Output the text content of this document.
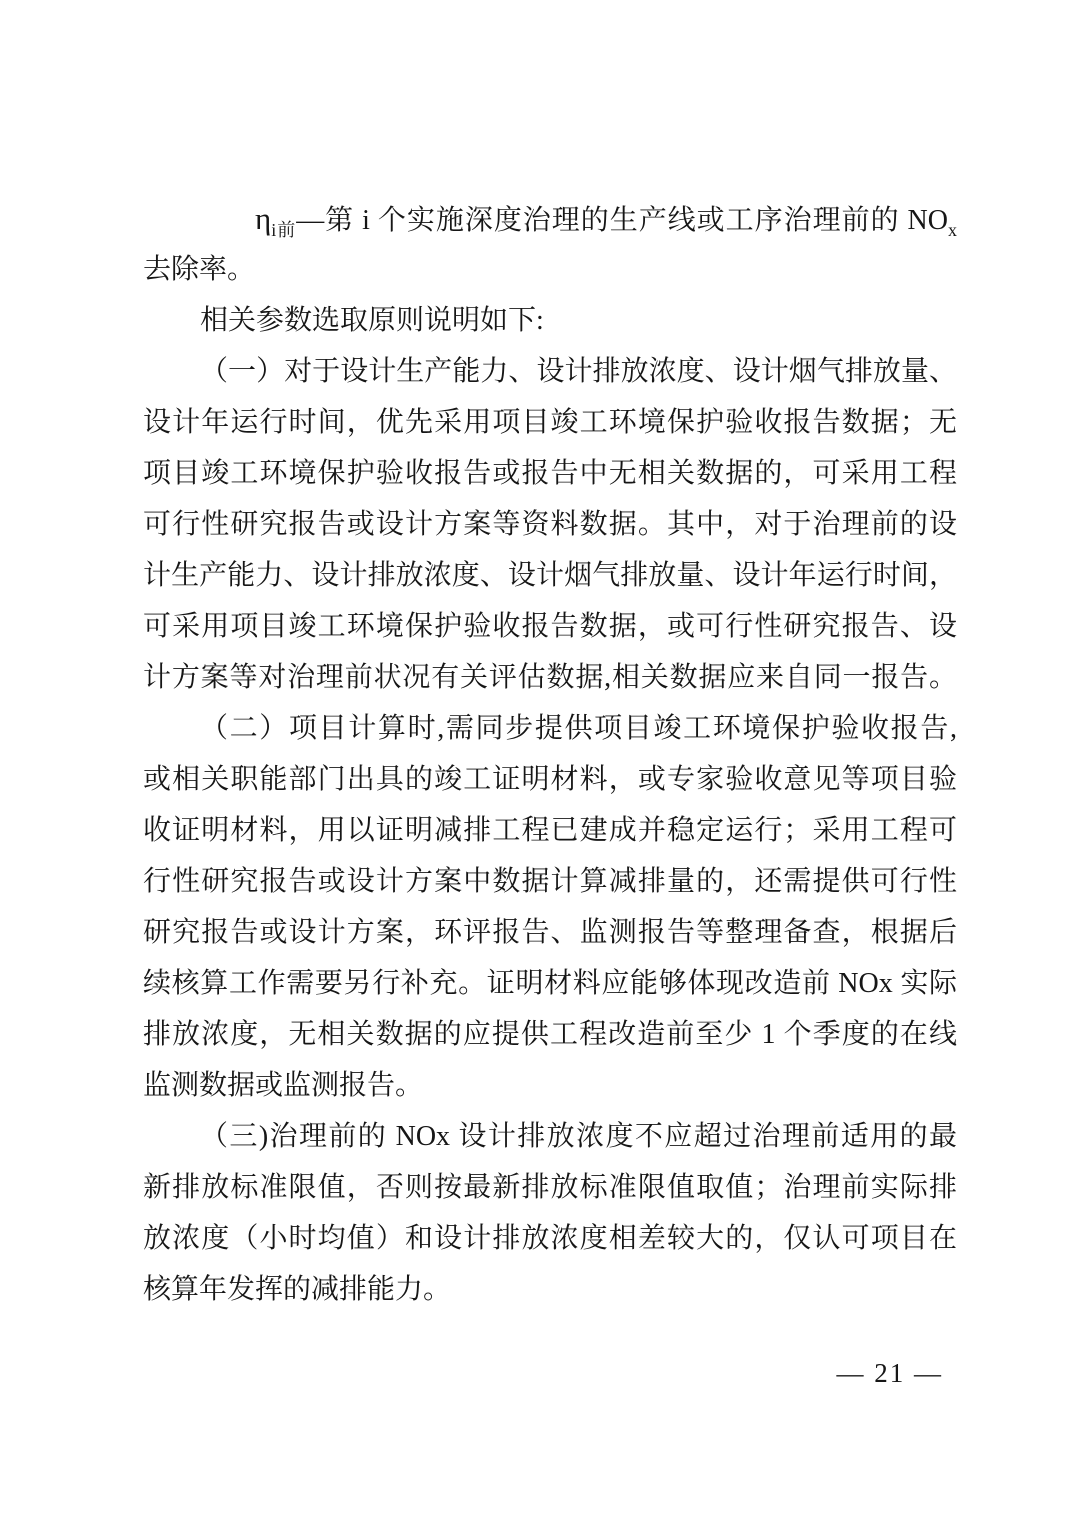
$\eta_{i前}—$第 i 个实施深度治理的生产线或工序治理前的 $NO_x$
去除率。
相关参数选取原则说明如下:
（一）对于设计生产能力、设计排放浓度、设计烟气排放量、
设计年运行时间，优先采用项目竣工环境保护验收报告数据；无
项目竣工环境保护验收报告或报告中无相关数据的，可采用工程
可行性研究报告或设计方案等资料数据。其中，对于治理前的设
计生产能力、设计排放浓度、设计烟气排放量、设计年运行时间，
可采用项目竣工环境保护验收报告数据，或可行性研究报告、设
计方案等对治理前状况有关评估数据,相关数据应来自同一报告。
（二）项目计算时,需同步提供项目竣工环境保护验收报告,
或相关职能部门出具的竣工证明材料，或专家验收意见等项目验
收证明材料，用以证明减排工程已建成并稳定运行；采用工程可
行性研究报告或设计方案中数据计算减排量的，还需提供可行性
研究报告或设计方案，环评报告、监测报告等整理备查，根据后
续核算工作需要另行补充。证明材料应能够体现改造前 NOx 实际
排放浓度，无相关数据的应提供工程改造前至少 1 个季度的在线
监测数据或监测报告。
（三)治理前的 NOx 设计排放浓度不应超过治理前适用的最
新排放标准限值，否则按最新排放标准限值取值；治理前实际排
放浓度（小时均值）和设计排放浓度相差较大的，仅认可项目在
核算年发挥的减排能力。
— 21 —
